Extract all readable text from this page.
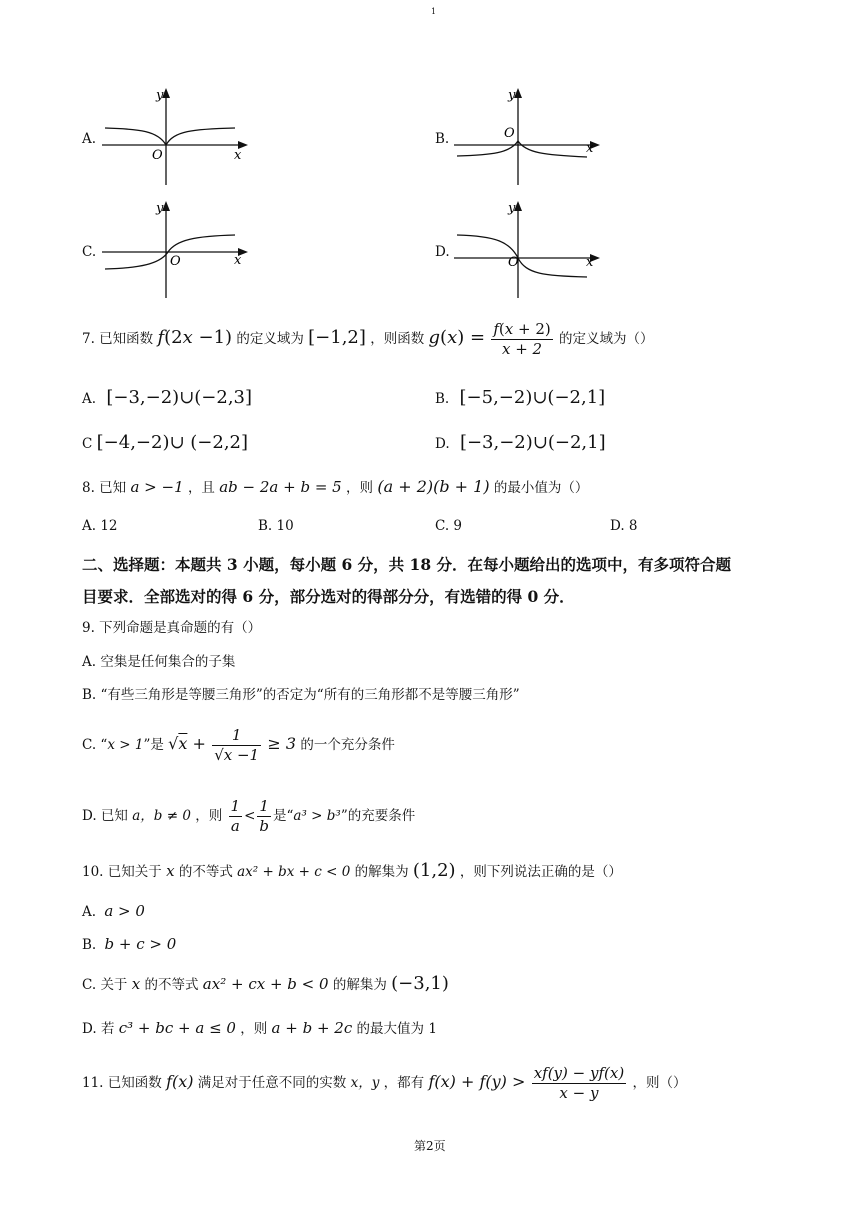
1
A.
y
x
O
B.
y
x
O
C.
y
x
O
D.
y
x
O
7. 已知函数 f(2x −1) 的定义域为 [−1,2] ，则函数 $g(x) = \frac{f(x + 2)}{x + 2}$ 的定义域为（）
A. [−3,−2)∪(−2,3]	B. [−5,−2)∪(−2,1]
C [−4,−2)∪ (−2,2]	D. [−3,−2)∪(−2,1]
8. 已知 a > −1 ，且 ab − 2a + b = 5 ，则 (a + 2)(b + 1) 的最小值为（）
A. 12	B. 10	C. 9	D. 8
二、选择题：本题共 3 小题，每小题 6 分，共 18 分．在每小题给出的选项中，有多项符合题
目要求．全部选对的得 6 分，部分选对的得部分分，有选错的得 0 分．
9. 下列命题是真命题的有（）
A. 空集是任何集合的子集
B. “有些三角形是等腰三角形”的否定为“所有的三角形都不是等腰三角形”
C. “x > 1”是 $√x + \frac{1}{√x -1} \ge 3$ 的一个充分条件
D. 已知 a，b ≠ 0 ，则 $\frac{1}{a} < \frac{1}{b}$ 是“a³ > b³”的充要条件
10. 已知关于 x 的不等式 ax² + bx + c < 0 的解集为 (1,2) ，则下列说法正确的是（）
A. a > 0
B. b + c > 0
C. 关于 x 的不等式 ax² + cx + b < 0 的解集为 (−3,1)
D. 若 c³ + bc + a ≤ 0 ，则 a + b + 2c 的最大值为 1
11. 已知函数 f(x) 满足对于任意不同的实数 x，y ，都有 $f(x) + f(y) > \frac{xf(y) - yf(x)}{x - y}$ ，则（）
第2页
